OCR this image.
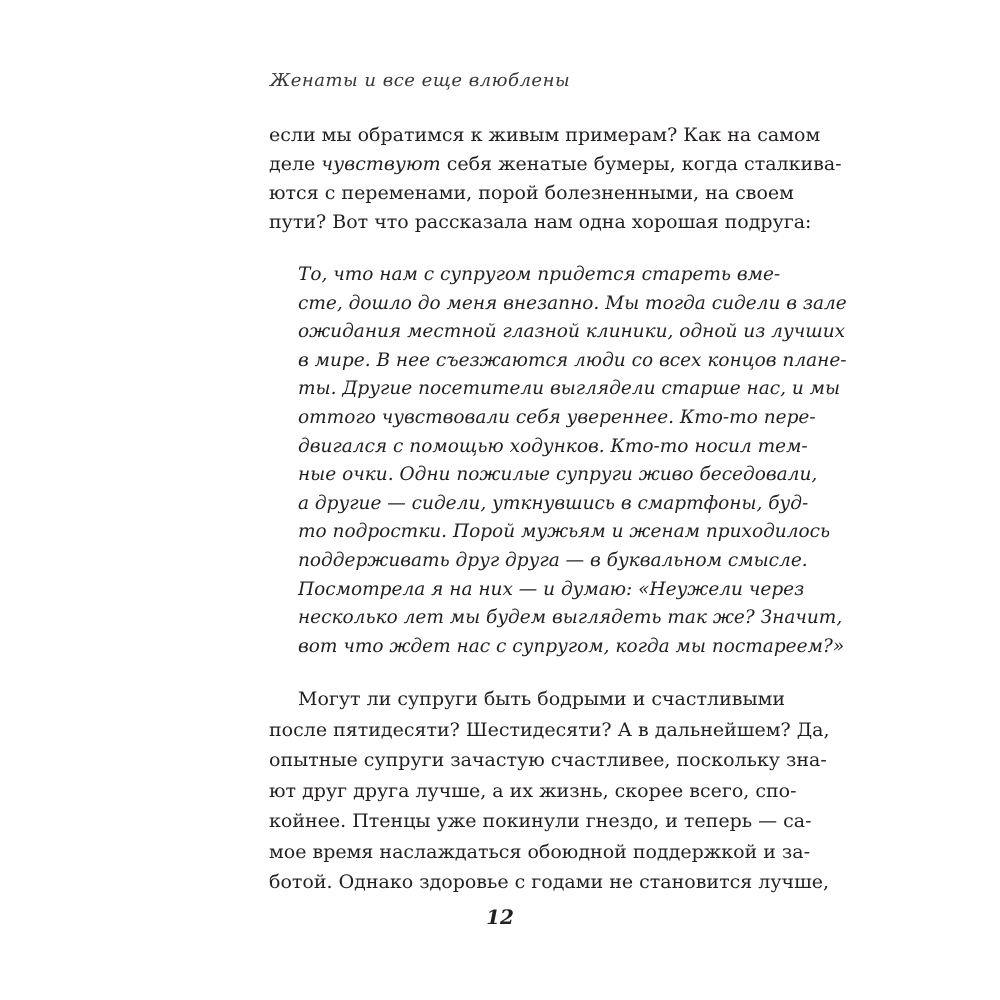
Женаты и все еще влюблены
если мы обратимся к живым примерам? Как на самом
деле чувствуют себя женатые бумеры, когда сталкива-
ются с переменами, порой болезненными, на своем
пути? Вот что рассказала нам одна хорошая подруга:
То, что нам с супругом придется стареть вме-
сте, дошло до меня внезапно. Мы тогда сидели в зале
ожидания местной глазной клиники, одной из лучших
в мире. В нее съезжаются люди со всех концов плане-
ты. Другие посетители выглядели старше нас, и мы
оттого чувствовали себя увереннее. Кто-то пере-
двигался с помощью ходунков. Кто-то носил тем-
ные очки. Одни пожилые супруги живо беседовали,
а другие — сидели, уткнувшись в смартфоны, буд-
то подростки. Порой мужьям и женам приходилось
поддерживать друг друга — в буквальном смысле.
Посмотрела я на них — и думаю: «Неужели через
несколько лет мы будем выглядеть так же? Значит,
вот что ждет нас с супругом, когда мы постареем?»
Могут ли супруги быть бодрыми и счастливыми
после пятидесяти? Шестидесяти? А в дальнейшем? Да,
опытные супруги зачастую счастливее, поскольку зна-
ют друг друга лучше, а их жизнь, скорее всего, спо-
койнее. Птенцы уже покинули гнездо, и теперь — са-
мое время наслаждаться обоюдной поддержкой и за-
12
ботой. Однако здоровье с годами не становится лучше,
